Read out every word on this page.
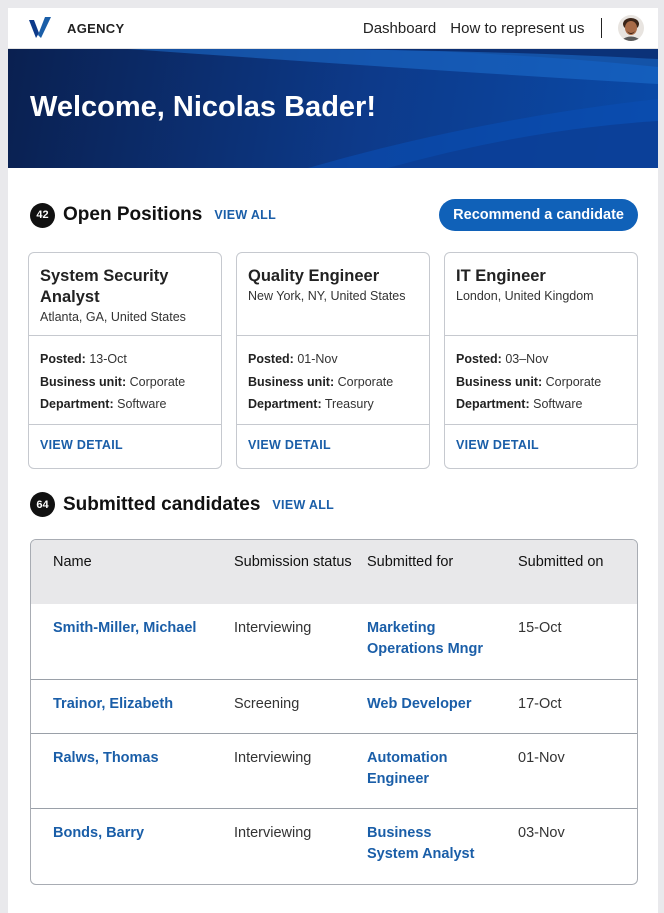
AGENCY	Dashboard How to represent us
Welcome, Nicolas Bader!
42 Open Positions VIEW ALL	Recommend a candidate
System Security Analyst
Atlanta, GA, United States
Posted: 13-Oct
Business unit: Corporate
Department: Software
VIEW DETAIL
Quality Engineer
New York, NY, United States
Posted: 01-Nov
Business unit: Corporate
Department: Treasury
VIEW DETAIL
IT Engineer
London, United Kingdom
Posted: 03–Nov
Business unit: Corporate
Department: Software
VIEW DETAIL
64 Submitted candidates VIEW ALL
Name	Submission status	Submitted for	Submitted on
Smith-Miller, Michael	Interviewing	Marketing Operations Mngr	15-Oct
Trainor, Elizabeth	Screening	Web Developer	17-Oct
Ralws, Thomas	Interviewing	Automation Engineer	01-Nov
Bonds, Barry	Interviewing	Business System Analyst	03-Nov
